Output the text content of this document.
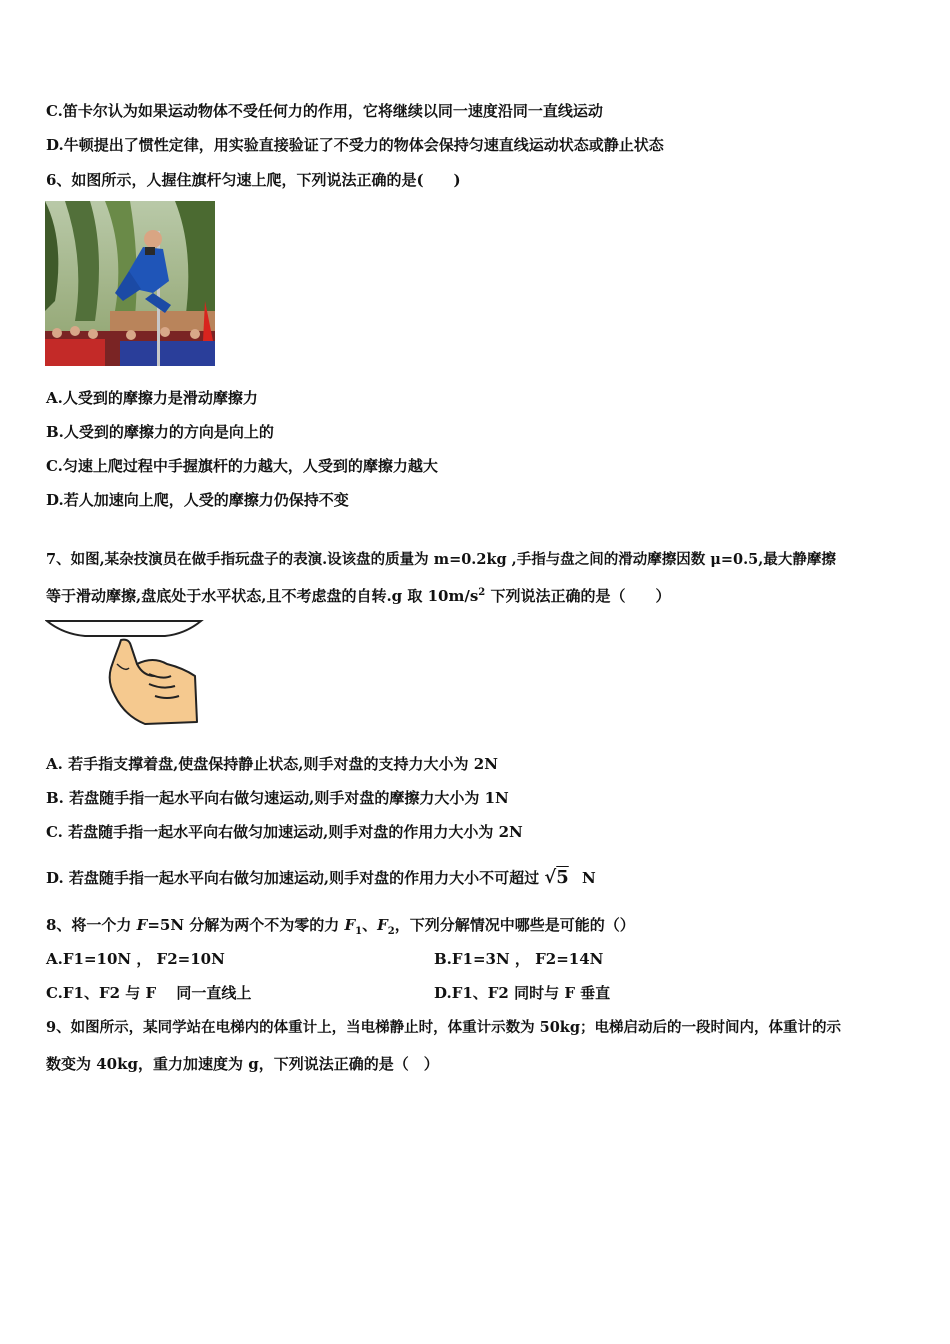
C.笛卡尔认为如果运动物体不受任何力的作用，它将继续以同一速度沿同一直线运动
D.牛顿提出了惯性定律，用实验直接验证了不受力的物体会保持匀速直线运动状态或静止状态
6、如图所示，人握住旗杆匀速上爬，下列说法正确的是(　　)
A.人受到的摩擦力是滑动摩擦力
B.人受到的摩擦力的方向是向上的
C.匀速上爬过程中手握旗杆的力越大，人受到的摩擦力越大
D.若人加速向上爬，人受的摩擦力仍保持不变
7、如图,某杂技演员在做手指玩盘子的表演.设该盘的质量为 m=0.2kg ,手指与盘之间的滑动摩擦因数 μ=0.5,最大静摩擦
等于滑动摩擦,盘底处于水平状态,且不考虑盘的自转.g 取 $10m/s^2$ 下列说法正确的是（　　）
A. 若手指支撑着盘,使盘保持静止状态,则手对盘的支持力大小为 2N
B. 若盘随手指一起水平向右做匀速运动,则手对盘的摩擦力大小为 1N
C. 若盘随手指一起水平向右做匀加速运动,则手对盘的作用力大小为 2N
D. 若盘随手指一起水平向右做匀加速运动,则手对盘的作用力大小不可超过 √5 N
8、将一个力 F=5N 分解为两个不为零的力 $F_1$、$F_2$，下列分解情况中哪些是可能的（）
A.F1=10N ， F2=10N	B.F1=3N ， F2=14N
C.F1、F2 与 F　 同一直线上	D.F1、F2 同时与 F 垂直
9、如图所示，某同学站在电梯内的体重计上，当电梯静止时，体重计示数为 50kg；电梯启动后的一段时间内，体重计的示
数变为 40kg，重力加速度为 g，下列说法正确的是（　）
